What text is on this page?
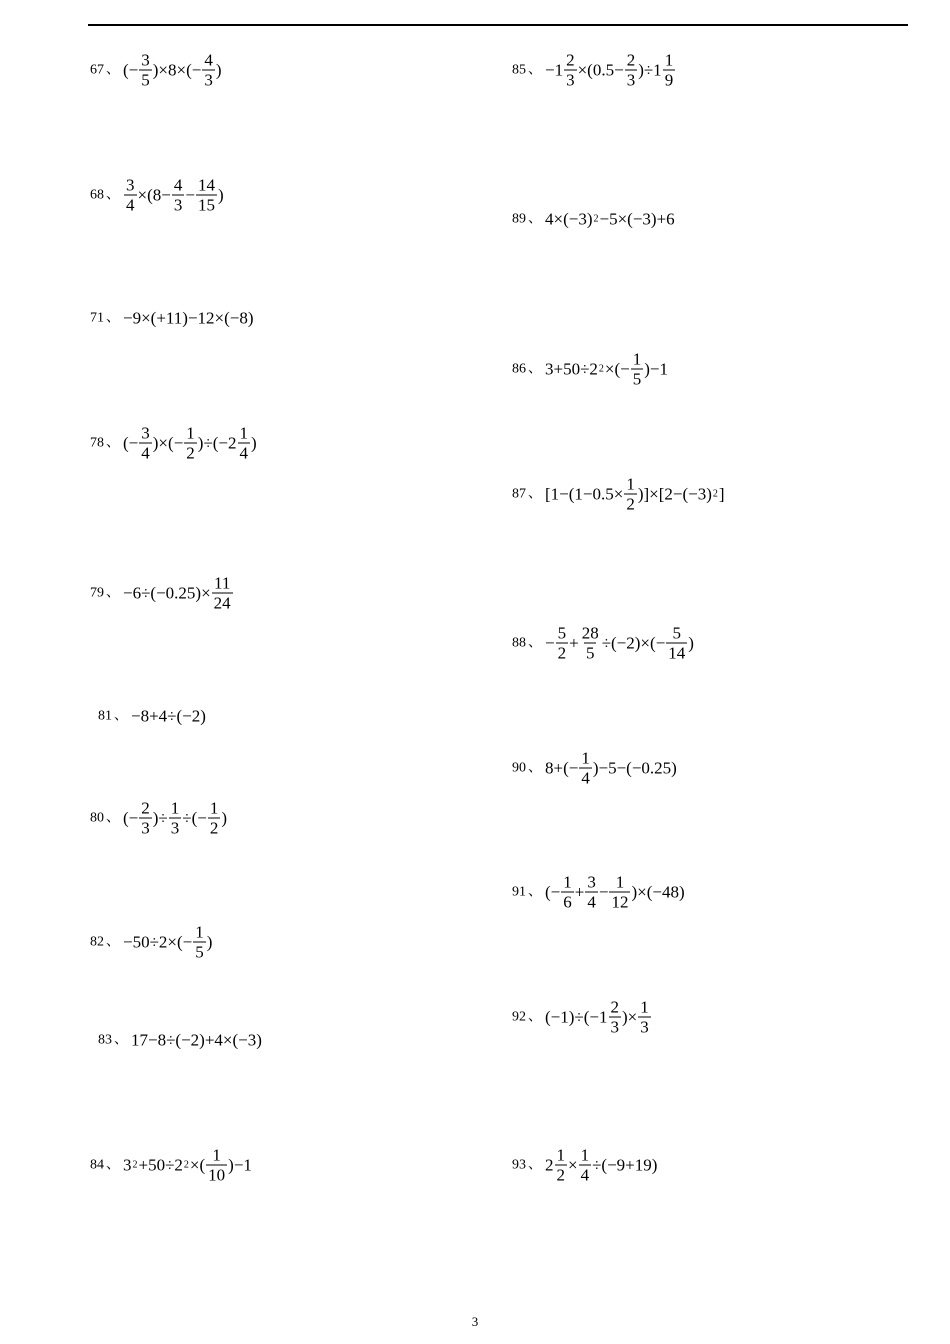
67 、 ( − $\frac{3}{5} )\times 8\times( - \frac{4}{3}$ )
68 、 $\frac{3}{4} \times(8- \frac{4}{3} - \frac{14}{15}$ )
71 、 −9×(+11)−12×(−8)
78 、 ( − $\frac{3}{4}$ )×( − $\frac{1}{2} )\div(-2 \frac{1}{4}$ )
79 、 $-6\div(-0.25)\times \frac{11}{24}$
81 、 −8+4÷(−2)
80 、 ( − $\frac{2}{3}$ )÷ $\frac{1}{3}$ ÷( − $\frac{1}{2}$ )
82 、 $-50\div 2\times( - \frac{1}{5}$ )
83 、 17−8÷(−2)+4×(−3)
84 、 3 2 +50÷2 2 ×( $\frac{1}{10} )-1$
85 、 $-1 \frac{2}{3} \times(0.5- \frac{2}{3} )\div 1 \frac{1}{9}$
89 、 4×(−3) 2 −5×(−3)+6
86 、 3+50÷2 2 ×( − $\frac{1}{5} )-1$
87 、 $[1-(1-0.5\times \frac{1}{2} )]\times[2-(-3)$ 2 ]
88 、 − $\frac{5}{2} + \frac{28}{5} \div(-2)\times( - \frac{5}{14}$ )
90 、 $8+( - \frac{1}{4} )-5-(-0.25)$
91 、 ( − $\frac{1}{6} + \frac{3}{4} - \frac{1}{12} )\times(-48)$
92 、 $(-1)\div(-1 \frac{2}{3}$ )× $\frac{1}{3}$
93 、 $2 \frac{1}{2} \times \frac{1}{4} \div(-9+19)$
3
